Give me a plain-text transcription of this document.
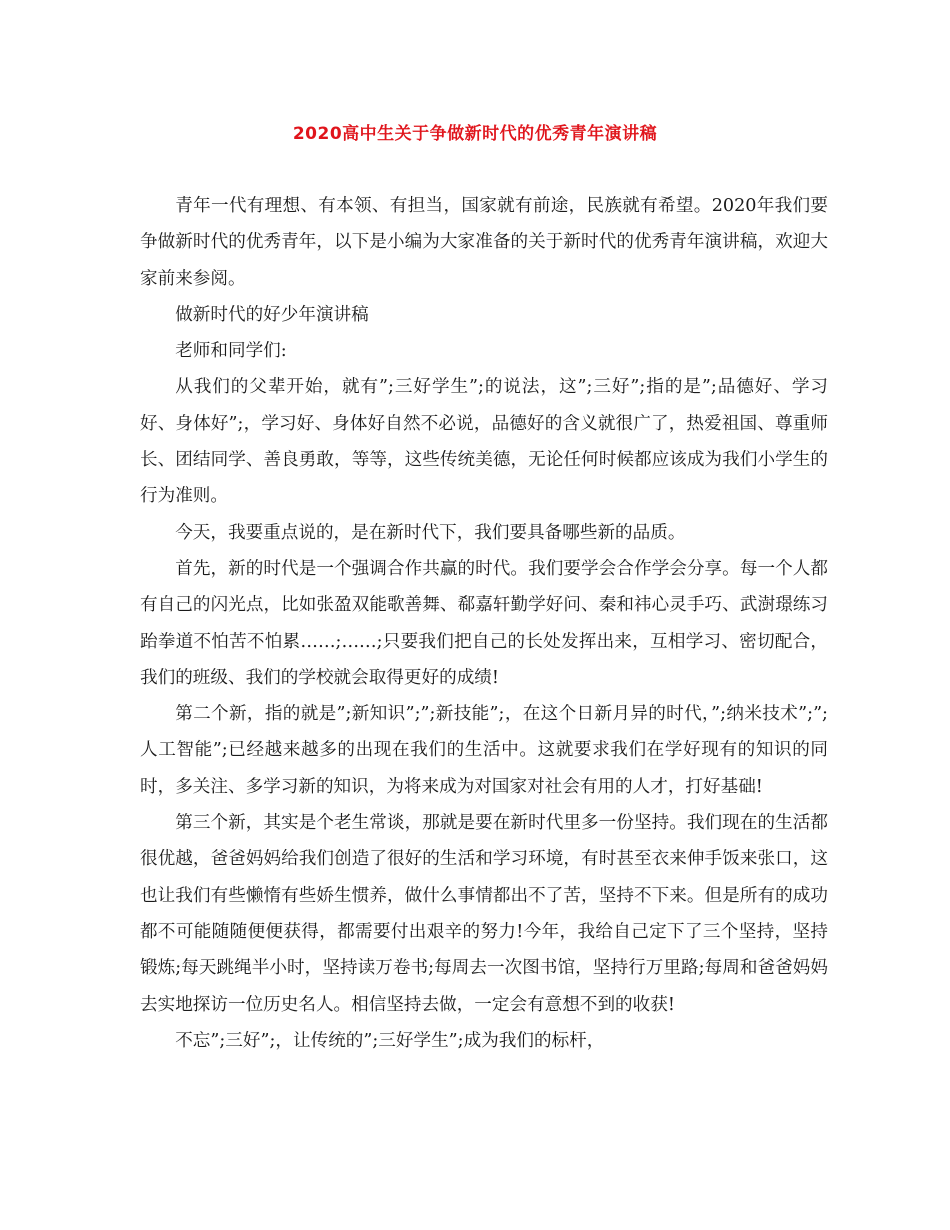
2020高中生关于争做新时代的优秀青年演讲稿

青年一代有理想、有本领、有担当，国家就有前途，民族就有希望。2020年我们要争做新时代的优秀青年，以下是小编为大家准备的关于新时代的优秀青年演讲稿，欢迎大家前来参阅。

做新时代的好少年演讲稿

老师和同学们:

从我们的父辈开始，就有”;三好学生”;的说法，这”;三好”;指的是”;品德好、学习好、身体好”;，学习好、身体好自然不必说，品德好的含义就很广了，热爱祖国、尊重师长、团结同学、善良勇敢，等等，这些传统美德，无论任何时候都应该成为我们小学生的行为准则。

今天，我要重点说的，是在新时代下，我们要具备哪些新的品质。

首先，新的时代是一个强调合作共赢的时代。我们要学会合作学会分享。每一个人都有自己的闪光点，比如张盈双能歌善舞、郗嘉轩勤学好问、秦和祎心灵手巧、武澍璟练习跆拳道不怕苦不怕累……;……;只要我们把自己的长处发挥出来，互相学习、密切配合，我们的班级、我们的学校就会取得更好的成绩!

第二个新，指的就是”;新知识”;”;新技能”;，在这个日新月异的时代，”;纳米技术”;”;人工智能”;已经越来越多的出现在我们的生活中。这就要求我们在学好现有的知识的同时，多关注、多学习新的知识，为将来成为对国家对社会有用的人才，打好基础!

第三个新，其实是个老生常谈，那就是要在新时代里多一份坚持。我们现在的生活都很优越，爸爸妈妈给我们创造了很好的生活和学习环境，有时甚至衣来伸手饭来张口，这也让我们有些懒惰有些娇生惯养，做什么事情都出不了苦，坚持不下来。但是所有的成功都不可能随随便便获得，都需要付出艰辛的努力!今年，我给自己定下了三个坚持，坚持锻炼;每天跳绳半小时，坚持读万卷书;每周去一次图书馆，坚持行万里路;每周和爸爸妈妈去实地探访一位历史名人。相信坚持去做，一定会有意想不到的收获!

不忘”;三好”;，让传统的”;三好学生”;成为我们的标杆，
